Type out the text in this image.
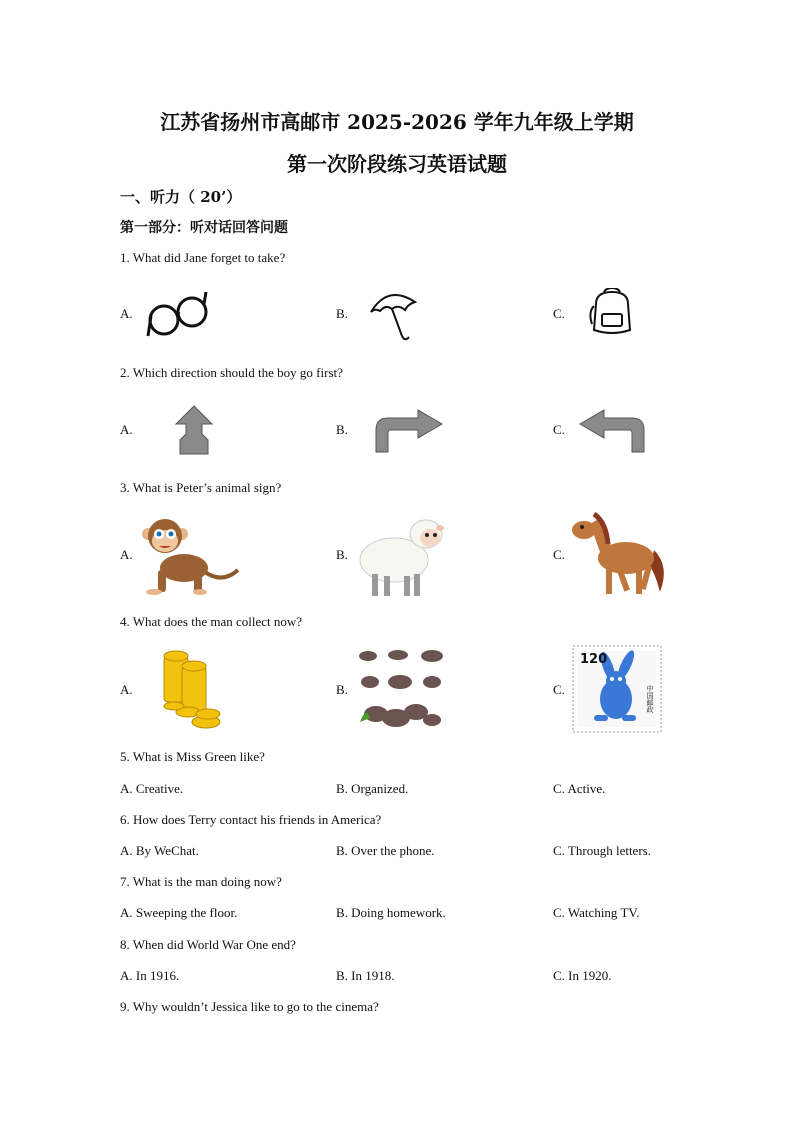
江苏省扬州市高邮市 2025-2026 学年九年级上学期
第一次阶段练习英语试题
一、听力（ 20’）
第一部分：听对话回答问题
1. What did Jane forget to take?
A.	B.	C.
2. Which direction should the boy go first?
A.	B.	C.
3. What is Peter’s animal sign?
A.	B.	C.
4. What does the man collect now?
A.	B.	C.
120
中国邮政
5. What is Miss Green like?
A. Creative.	B. Organized.	C. Active.
6. How does Terry contact his friends in America?
A. By WeChat.	B. Over the phone.	C. Through letters.
7. What is the man doing now?
A. Sweeping the floor.	B. Doing homework.	C. Watching TV.
8. When did World War One end?
A. In 1916.	B. In 1918.	C. In 1920.
9. Why wouldn’t Jessica like to go to the cinema?
